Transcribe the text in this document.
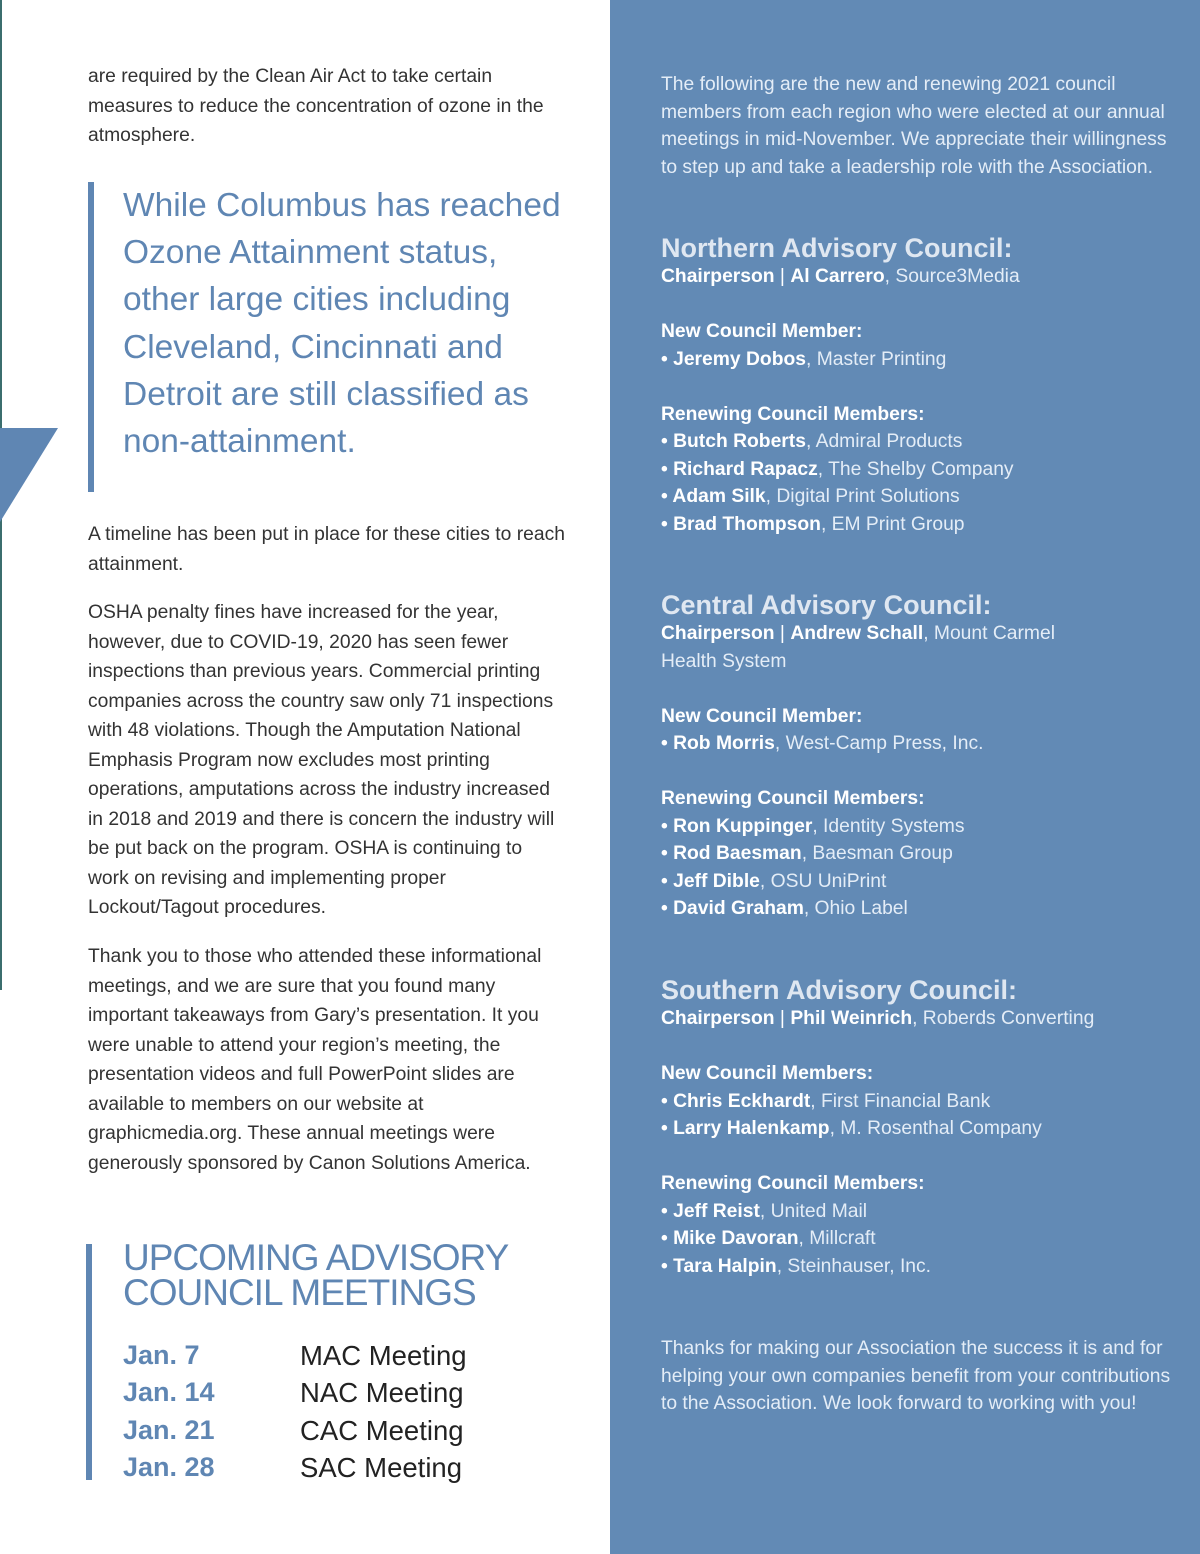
are required by the Clean Air Act to take certain measures to reduce the concentration of ozone in the atmosphere.

While Columbus has reached Ozone Attainment status, other large cities including Cleveland, Cincinnati and Detroit are still classified as non-attainment.

A timeline has been put in place for these cities to reach attainment.

OSHA penalty fines have increased for the year, however, due to COVID-19, 2020 has seen fewer inspections than previous years. Commercial printing companies across the country saw only 71 inspections with 48 violations. Though the Amputation National Emphasis Program now excludes most printing operations, amputations across the industry increased in 2018 and 2019 and there is concern the industry will be put back on the program. OSHA is continuing to work on revising and implementing proper Lockout/Tagout procedures.

Thank you to those who attended these informational meetings, and we are sure that you found many important takeaways from Gary’s presentation. It you were unable to attend your region’s meeting, the presentation videos and full PowerPoint slides are available to members on our website at graphicmedia.org. These annual meetings were generously sponsored by Canon Solutions America.

UPCOMING ADVISORY
COUNCIL MEETINGS
Jan. 7	MAC Meeting
Jan. 14	NAC Meeting
Jan. 21	CAC Meeting
Jan. 28	SAC Meeting

The following are the new and renewing 2021 council members from each region who were elected at our annual meetings in mid-November. We appreciate their willingness to step up and take a leadership role with the Association.

Northern Advisory Council:

Chairperson | Al Carrero, Source3Media

New Council Member:

• Jeremy Dobos, Master Printing

Renewing Council Members:

• Butch Roberts, Admiral Products

• Richard Rapacz, The Shelby Company

• Adam Silk, Digital Print Solutions

• Brad Thompson, EM Print Group

Central Advisory Council:

Chairperson | Andrew Schall, Mount Carmel Health System

New Council Member:

• Rob Morris, West-Camp Press, Inc.

Renewing Council Members:

• Ron Kuppinger, Identity Systems

• Rod Baesman, Baesman Group

• Jeff Dible, OSU UniPrint

• David Graham, Ohio Label

Southern Advisory Council:

Chairperson | Phil Weinrich, Roberds Converting

New Council Members:

• Chris Eckhardt, First Financial Bank

• Larry Halenkamp, M. Rosenthal Company

Renewing Council Members:

• Jeff Reist, United Mail

• Mike Davoran, Millcraft

• Tara Halpin, Steinhauser, Inc.

Thanks for making our Association the success it is and for helping your own companies benefit from your contributions to the Association. We look forward to working with you!
